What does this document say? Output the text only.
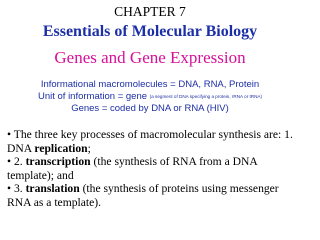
CHAPTER 7
Essentials of Molecular Biology
Genes and Gene Expression
Informational macromolecules = DNA, RNA, Protein
Unit of information = gene (a segment of DNA specifying a protein, rRNA or tRNA)
Genes = coded by DNA or RNA (HIV)

• The three key processes of macromolecular synthesis are: 1. DNA replication;

• 2. transcription (the synthesis of RNA from a DNA template); and

• 3. translation (the synthesis of proteins using messenger RNA as a template).
